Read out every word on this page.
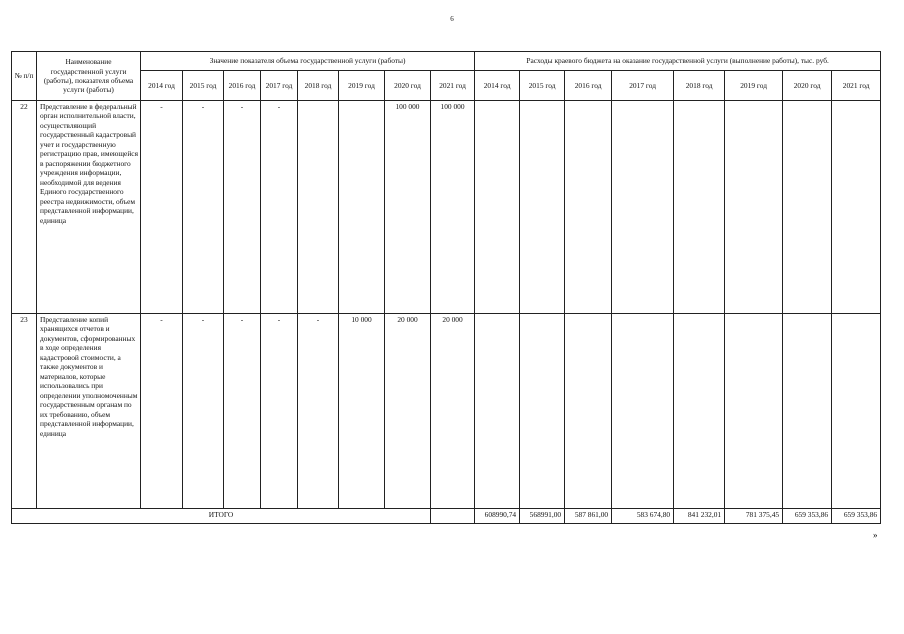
6
№ п/п	Наименование государственной услуги (работы), показателя объема услуги (работы)	Значение показателя объема государственной услуги (работы)								Расходы краевого бюджета на оказание государственной услуги (выполнение работы), тыс. руб.							
		2014 год	2015 год	2016 год	2017 год	2018 год	2019 год	2020 год	2021 год	2014 год	2015 год	2016 год	2017 год	2018 год	2019 год	2020 год	2021 год
22	Представление в федеральный орган исполнительной власти, осуществляющий государственный кадастровый учет и государственную регистрацию прав, имеющейся в распоряжении бюджетного учреждения информации, необходимой для ведения Единого государственного реестра недвижимости, объем представленной информации, единица	-	-	-	-			100 000	100 000								
23	Представление копий хранящихся отчетов и документов, сформированных в ходе определения кадастровой стоимости, а также документов и материалов, которые использовались при определении уполномоченным государственным органам по их требованию, объем представленной информации, единица	-	-	-	-	-	10 000	20 000	20 000								
ИТОГО										608990,74	568991,00	587 861,00	583 674,80	841 232,01	781 375,45	659 353,86	659 353,86
»
